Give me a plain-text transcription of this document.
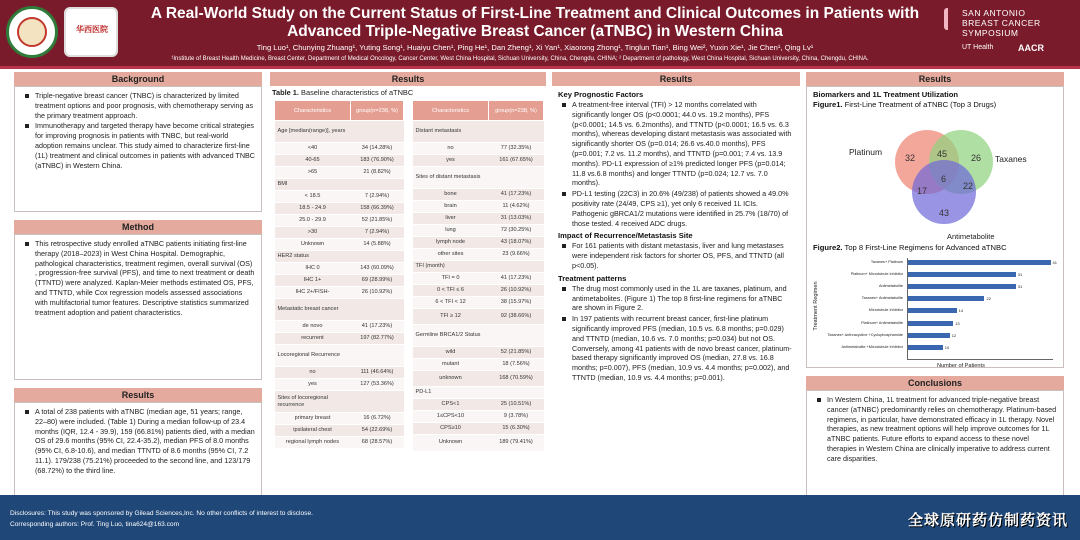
华西医院
A Real-World Study on the Current Status of First-Line Treatment and Clinical Outcomes in Patients with
Advanced Triple-Negative Breast Cancer (aTNBC) in Western China
Ting Luo¹, Chunying Zhuang¹, Yuting Song¹, Huaiyu Chen¹, Ping He¹, Dan Zheng¹, Xi Yan¹, Xiaorong Zhong¹, Tinglun Tian¹, Bing Wei², Yuxin Xie¹, Jie Chen¹, Qing Lv¹
¹Institute of Breast Health Medicine, Breast Center, Department of Medical Oncology, Cancer Center, West China Hospital, Sichuan University, China, Chengdu, CHINA; ² Department of pathology, West China Hospital, Sichuan University, China, Chengdu, CHINA.
SAN ANTONIO
BREAST CANCER
SYMPOSIUM
UT Health	AACR
Background
Triple-negative breast cancer (TNBC) is characterized by limited treatment options and poor prognosis, with chemotherapy serving as the primary treatment approach.
Immunotherapy and targeted therapy have become critical strategies for improving prognosis in patients with TNBC, but real-world adoption remains unclear. This study aimed to characterize first-line (1L) treatment and clinical outcomes in patients with advanced TNBC (aTNBC) in Western China.
Method
This retrospective study enrolled aTNBC patients initiating first-line therapy (2018–2023) in West China Hospital. Demographic, pathological characteristics, treatment regimen, overall survival (OS) , progression-free survival (PFS), and time to next treatment or death (TTNTD) were analyzed. Kaplan-Meier methods estimated OS, PFS, and TTNTD, while Cox regression models assessed associations with multifactorial tumor features. Descriptive statistics summarized treatment adoption and patient characteristics.
Results
A total of 238 patients with aTNBC (median age, 51 years; range, 22–80) were included. (Table 1) During a median follow-up of 23.4 months (IQR, 12.4 - 39.9), 159 (66.81%) patients died, with a median OS of 29.6 months (95% CI, 22.4-35.2), median PFS of 8.0 months (95% CI, 6.8-10.6), and median TTNTD of 8.6 months (95% CI, 7.2 11.1). 179/238 (75.21%) proceeded to the second line, and 123/179 (68.72%) to the third line.
Results
Table 1. Baseline characteristics of aTNBC
Characteristics	group(n=238, %)
Age [median(range)], years	
<40	34 (14.28%)
40-65	183 (76.90%)
>65	21 (8.82%)
BMI	
< 18.5	7 (2.94%)
18.5 - 24.9	158 (66.39%)
25.0 - 29.9	52 (21.85%)
>30	7 (2.94%)
Unknown	14 (5.88%)
HER2 status	
IHC 0	143 (60.09%)
IHC 1+	69 (28.99%)
IHC 2+/FISH-	26 (10.92%)
Metastatic breast cancer	
de novo	41 (17.23%)
recurrent	197 (82.77%)
Locoregional Recurrence	
no	111 (46.64%)
yes	127 (53.36%)
Sites of locoregional recurrence	
primary breast	16 (6.72%)
ipsilateral chest	54 (22.69%)
regional lymph nodes	68 (28.57%)
Characteristics	group(n=238, %)
Distant metastasis	
no	77 (32.35%)
yes	161 (67.65%)
Sites of distant metastasis	
bone	41 (17.23%)
brain	11 (4.62%)
liver	31 (13.03%)
lung	72 (30.25%)
lymph node	43 (18.07%)
other sites	23 (9.66%)
TFI (month)	
TFI = 0	41 (17.23%)
0 < TFI ≤ 6	26 (10.92%)
6 < TFI < 12	38 (15.97%)
TFI ≥ 12	92 (38.66%)
Germline BRCA1/2 Status	
wild	52 (21.85%)
mutant	18 (7.56%)
unknown	168 (70.59%)
PD-L1	
CPS<1	25 (10.51%)
1≤CPS<10	9 (3.78%)
CPS≥10	15 (6.30%)
Unknown	189 (79.41%)
Results
Key Prognostic Factors
A treatment-free interval (TFI) > 12 months correlated with significantly longer OS (p<0.0001; 44.0 vs. 19.2 months), PFS (p<0.0001; 14.5 vs. 6.2months), and TTNTD (p<0.0001; 16.5 vs. 6.3 months), whereas developing distant metastasis was associated with significantly shorter OS (p=0.014; 26.6 vs.40.0 months), PFS (p=0.001; 7.2 vs. 11.2 months), and TTNTD (p=0.001; 7.4 vs. 13.9 months). PD-L1 expression of ≥1% predicted longer PFS (p=0.014; 11.8 vs.6.8 months) and longer TTNTD (p=0.024; 12.7 vs. 7.0 months).
PD-L1 testing (22C3) in 20.6% (49/238) of patients showed a 49.0% positivity rate (24/49, CPS ≥1), yet only 6 received 1L ICIs. Pathogenic gBRCA1/2 mutations were identified in 25.7% (18/70) of those tested. 4 received ADC drugs.
Impact of Recurrence/Metastasis Site
For 161 patients with distant metastasis, liver and lung metastases were independent risk factors for shorter OS, PFS, and TTNTD (all p<0.05).
Treatment patterns
The drug most commonly used in the 1L are taxanes, platinum, and antimetabolites. (Figure 1) The top 8 first-line regimens for aTNBC are shown in Figure 2.
In 197 patients with recurrent breast cancer, first-line platinum significantly improved PFS (median, 10.5 vs. 6.8 months; p=0.029) and TTNTD (median, 10.6 vs. 7.0 months; p=0.034) but not OS. Conversely, among 41 patients with de novo breast cancer, platinum-based therapy significantly improved OS (median, 27.8 vs. 16.8 months; p=0.007), PFS (median, 10.9 vs. 4.4 months; p=0.002), and TTNTD (median, 10.9 vs. 4.4 months; p=0.001).
Results
Biomarkers and 1L Treatment Utilization
Figure1. First-Line Treatment of aTNBC (Top 3 Drugs)
Platinum
Taxanes
Antimetabolite
32	26
43
45
17	22
6
Figure2. Top 8 First-Line Regimens for Advanced aTNBC
Treatment Regimen
Number of Patients
Taxanes+ Platinum	41
Platinum+ Microtubule Inhibitor	31
Antimetabolite	31
Taxanes+ Antimetabolite	22
Microtubule Inhibitor	14
Platinum+ Antimetabolite	13
Taxanes+ Anthracycline +Cyclophosphamide	12
Antimetabolite +Microtubule Inhibitor	10
Conclusions
In Western China, 1L treatment for advanced triple-negative breast cancer (aTNBC) predominantly relies on chemotherapy. Platinum-based regimens, in particular, have demonstrated efficacy in 1L therapy. Novel therapies, as new treatment options will help improve outcomes for 1L aTNBC patients. Future efforts to expand access to these novel therapies in Western China are clinically imperative to address current care disparities.
Disclosures: This study was sponsored by Gilead Sciences,Inc. No other conflicts of interest to disclose.
Corresponding authors: Prof. Ting Luo, tina624@163.com	全球原研药仿制药资讯
